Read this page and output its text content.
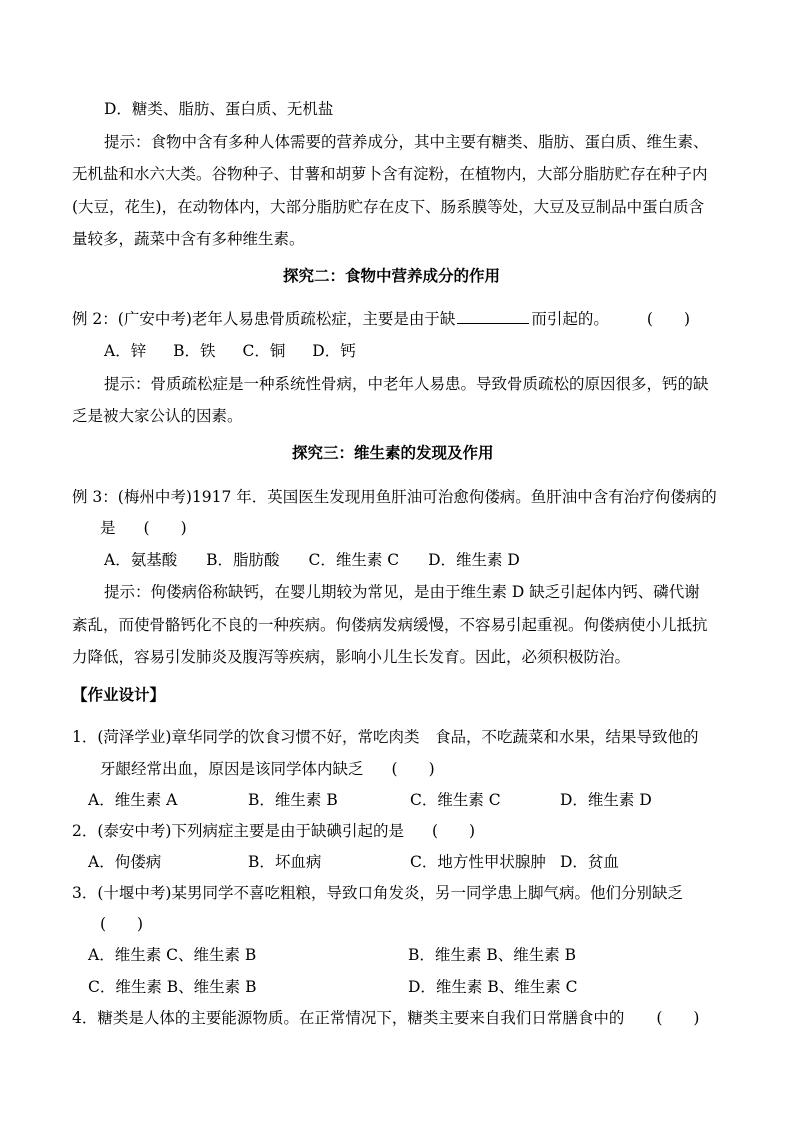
D．糖类、脂肪、蛋白质、无机盐
提示：食物中含有多种人体需要的营养成分，其中主要有糖类、脂肪、蛋白质、维生素、
无机盐和水六大类。谷物种子、甘薯和胡萝卜含有淀粉，在植物内，大部分脂肪贮存在种子内
(大豆，花生)，在动物体内，大部分脂肪贮存在皮下、肠系膜等处，大豆及豆制品中蛋白质含
量较多，蔬菜中含有多种维生素。
探究二：食物中营养成分的作用
例 2：(广安中考)老年人易患骨质疏松症，主要是由于缺	而引起的。 (　　)
A．锌 B．铁 C．铜 D．钙
提示：骨质疏松症是一种系统性骨病，中老年人易患。导致骨质疏松的原因很多，钙的缺
乏是被大家公认的因素。
探究三：维生素的发现及作用
例 3：(梅州中考)1917 年．英国医生发现用鱼肝油可治愈佝偻病。鱼肝油中含有治疗佝偻病的
是 (　　)
A．氨基酸 B．脂肪酸 C．维生素 C D．维生素 D
提示：佝偻病俗称缺钙，在婴儿期较为常见，是由于维生素 D 缺乏引起体内钙、磷代谢
紊乱，而使骨骼钙化不良的一种疾病。佝偻病发病缓慢，不容易引起重视。佝偻病使小儿抵抗
力降低，容易引发肺炎及腹泻等疾病，影响小儿生长发育。因此，必须积极防治。
【作业设计】
1．(菏泽学业)章华同学的饮食习惯不好，常吃肉类　食品，不吃蔬菜和水果，结果导致他的
牙龈经常出血，原因是该同学体内缺乏 (　　)
A．维生素 A	B．维生素 B	C．维生素 C	D．维生素 D
2．(泰安中考)下列病症主要是由于缺碘引起的是 (　　)
A．佝偻病	B．坏血病	C．地方性甲状腺肿 D．贫血
3．(十堰中考)某男同学不喜吃粗粮，导致口角发炎，另一同学患上脚气病。他们分别缺乏
(　　)
A．维生素 C、维生素 B	B．维生素 B、维生素 B
C．维生素 B、维生素 B	D．维生素 B、维生素 C
4．糖类是人体的主要能源物质。在正常情况下，糖类主要来自我们日常膳食中的 (　　)
